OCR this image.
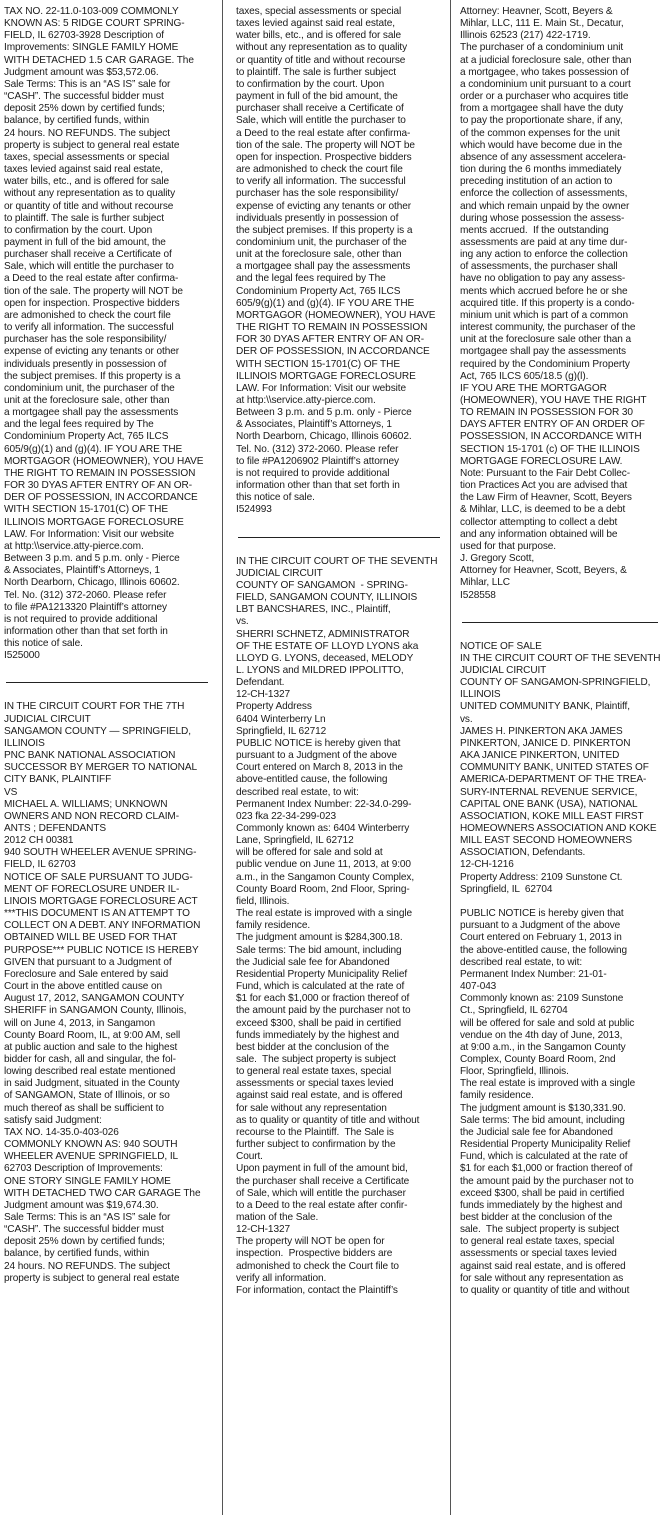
TAX NO. 22-11.0-103-009 COMMONLY
KNOWN AS: 5 RIDGE COURT SPRING-
FIELD, IL 62703-3928 Description of
Improvements: SINGLE FAMILY HOME
WITH DETACHED 1.5 CAR GARAGE. The
Judgment amount was $53,572.06.
Sale Terms: This is an “AS IS” sale for
“CASH”. The successful bidder must
deposit 25% down by certified funds;
balance, by certified funds, within
24 hours. NO REFUNDS. The subject
property is subject to general real estate
taxes, special assessments or special
taxes levied against said real estate,
water bills, etc., and is offered for sale
without any representation as to quality
or quantity of title and without recourse
to plaintiff. The sale is further subject
to confirmation by the court. Upon
payment in full of the bid amount, the
purchaser shall receive a Certificate of
Sale, which will entitle the purchaser to
a Deed to the real estate after confirma-
tion of the sale. The property will NOT be
open for inspection. Prospective bidders
are admonished to check the court file
to verify all information. The successful
purchaser has the sole responsibility/
expense of evicting any tenants or other
individuals presently in possession of
the subject premises. If this property is a
condominium unit, the purchaser of the
unit at the foreclosure sale, other than
a mortgagee shall pay the assessments
and the legal fees required by The
Condominium Property Act, 765 ILCS
605/9(g)(1) and (g)(4). IF YOU ARE THE
MORTGAGOR (HOMEOWNER), YOU HAVE
THE RIGHT TO REMAIN IN POSSESSION
FOR 30 DYAS AFTER ENTRY OF AN OR-
DER OF POSSESSION, IN ACCORDANCE
WITH SECTION 15-1701(C) OF THE
ILLINOIS MORTGAGE FORECLOSURE
LAW. For Information: Visit our website
at http:\\service.atty-pierce.com.
Between 3 p.m. and 5 p.m. only - Pierce
& Associates, Plaintiff’s Attorneys, 1
North Dearborn, Chicago, Illinois 60602.
Tel. No. (312) 372-2060. Please refer
to file #PA1213320 Plaintiff’s attorney
is not required to provide additional
information other than that set forth in
this notice of sale.
I525000

IN THE CIRCUIT COURT FOR THE 7TH
JUDICIAL CIRCUIT
SANGAMON COUNTY — SPRINGFIELD,
ILLINOIS
PNC BANK NATIONAL ASSOCIATION
SUCCESSOR BY MERGER TO NATIONAL
CITY BANK, PLAINTIFF
VS
MICHAEL A. WILLIAMS; UNKNOWN
OWNERS AND NON RECORD CLAIM-
ANTS ; DEFENDANTS
2012 CH 00381
940 SOUTH WHEELER AVENUE SPRING-
FIELD, IL 62703
NOTICE OF SALE PURSUANT TO JUDG-
MENT OF FORECLOSURE UNDER IL-
LINOIS MORTGAGE FORECLOSURE ACT
***THIS DOCUMENT IS AN ATTEMPT TO
COLLECT ON A DEBT. ANY INFORMATION
OBTAINED WILL BE USED FOR THAT
PURPOSE*** PUBLIC NOTICE IS HEREBY
GIVEN that pursuant to a Judgment of
Foreclosure and Sale entered by said
Court in the above entitled cause on
August 17, 2012, SANGAMON COUNTY
SHERIFF in SANGAMON County, Illinois,
will on June 4, 2013, in Sangamon
County Board Room, IL, at 9:00 AM, sell
at public auction and sale to the highest
bidder for cash, all and singular, the fol-
lowing described real estate mentioned
in said Judgment, situated in the County
of SANGAMON, State of Illinois, or so
much thereof as shall be sufficient to
satisfy said Judgment:
TAX NO. 14-35.0-403-026
COMMONLY KNOWN AS: 940 SOUTH
WHEELER AVENUE SPRINGFIELD, IL
62703 Description of Improvements:
ONE STORY SINGLE FAMILY HOME
WITH DETACHED TWO CAR GARAGE The
Judgment amount was $19,674.30.
Sale Terms: This is an “AS IS” sale for
“CASH”. The successful bidder must
deposit 25% down by certified funds;
balance, by certified funds, within
24 hours. NO REFUNDS. The subject
property is subject to general real estate

taxes, special assessments or special
taxes levied against said real estate,
water bills, etc., and is offered for sale
without any representation as to quality
or quantity of title and without recourse
to plaintiff. The sale is further subject
to confirmation by the court. Upon
payment in full of the bid amount, the
purchaser shall receive a Certificate of
Sale, which will entitle the purchaser to
a Deed to the real estate after confirma-
tion of the sale. The property will NOT be
open for inspection. Prospective bidders
are admonished to check the court file
to verify all information. The successful
purchaser has the sole responsibility/
expense of evicting any tenants or other
individuals presently in possession of
the subject premises. If this property is a
condominium unit, the purchaser of the
unit at the foreclosure sale, other than
a mortgagee shall pay the assessments
and the legal fees required by The
Condominium Property Act, 765 ILCS
605/9(g)(1) and (g)(4). IF YOU ARE THE
MORTGAGOR (HOMEOWNER), YOU HAVE
THE RIGHT TO REMAIN IN POSSESSION
FOR 30 DYAS AFTER ENTRY OF AN OR-
DER OF POSSESSION, IN ACCORDANCE
WITH SECTION 15-1701(C) OF THE
ILLINOIS MORTGAGE FORECLOSURE
LAW. For Information: Visit our website
at http:\\service.atty-pierce.com.
Between 3 p.m. and 5 p.m. only - Pierce
& Associates, Plaintiff’s Attorneys, 1
North Dearborn, Chicago, Illinois 60602.
Tel. No. (312) 372-2060. Please refer
to file #PA1206902 Plaintiff’s attorney
is not required to provide additional
information other than that set forth in
this notice of sale.
I524993

IN THE CIRCUIT COURT OF THE SEVENTH
JUDICIAL CIRCUIT
COUNTY OF SANGAMON  - SPRING-
FIELD, SANGAMON COUNTY, ILLINOIS
LBT BANCSHARES, INC., Plaintiff,
vs.
SHERRI SCHNETZ, ADMINISTRATOR
OF THE ESTATE OF LLOYD LYONS aka
LLOYD G. LYONS, deceased, MELODY
L. LYONS and MILDRED IPPOLITTO,
Defendant.
12-CH-1327
Property Address
6404 Winterberry Ln
Springfield, IL 62712
PUBLIC NOTICE is hereby given that
pursuant to a Judgment of the above
Court entered on March 8, 2013 in the
above-entitled cause, the following
described real estate, to wit:
Permanent Index Number: 22-34.0-299-
023 fka 22-34-299-023
Commonly known as: 6404 Winterberry
Lane, Springfield, IL 62712
will be offered for sale and sold at
public vendue on June 11, 2013, at 9:00
a.m., in the Sangamon County Complex,
County Board Room, 2nd Floor, Spring-
field, Illinois.
The real estate is improved with a single
family residence.
The judgment amount is $284,300.18.
Sale terms: The bid amount, including
the Judicial sale fee for Abandoned
Residential Property Municipality Relief
Fund, which is calculated at the rate of
$1 for each $1,000 or fraction thereof of
the amount paid by the purchaser not to
exceed $300, shall be paid in certified
funds immediately by the highest and
best bidder at the conclusion of the
sale.  The subject property is subject
to general real estate taxes, special
assessments or special taxes levied
against said real estate, and is offered
for sale without any representation
as to quality or quantity of title and without
recourse to the Plaintiff.  The Sale is
further subject to confirmation by the
Court.
Upon payment in full of the amount bid,
the purchaser shall receive a Certificate
of Sale, which will entitle the purchaser
to a Deed to the real estate after confir-
mation of the Sale.
12-CH-1327
The property will NOT be open for
inspection.  Prospective bidders are
admonished to check the Court file to
verify all information.
For information, contact the Plaintiff’s

Attorney: Heavner, Scott, Beyers &
Mihlar, LLC, 111 E. Main St., Decatur,
Illinois 62523 (217) 422-1719.
The purchaser of a condominium unit
at a judicial foreclosure sale, other than
a mortgagee, who takes possession of
a condominium unit pursuant to a court
order or a purchaser who acquires title
from a mortgagee shall have the duty
to pay the proportionate share, if any,
of the common expenses for the unit
which would have become due in the
absence of any assessment accelera-
tion during the 6 months immediately
preceding institution of an action to
enforce the collection of assessments,
and which remain unpaid by the owner
during whose possession the assess-
ments accrued.  If the outstanding
assessments are paid at any time dur-
ing any action to enforce the collection
of assessments, the purchaser shall
have no obligation to pay any assess-
ments which accrued before he or she
acquired title. If this property is a condo-
minium unit which is part of a common
interest community, the purchaser of the
unit at the foreclosure sale other than a
mortgagee shall pay the assessments
required by the Condominium Property
Act, 765 ILCS 605/18.5 (g)(l).
IF YOU ARE THE MORTGAGOR
(HOMEOWNER), YOU HAVE THE RIGHT
TO REMAIN IN POSSESSION FOR 30
DAYS AFTER ENTRY OF AN ORDER OF
POSSESSION, IN ACCORDANCE WITH
SECTION 15-1701 (c) OF THE ILLINOIS
MORTGAGE FORECLOSURE LAW.
Note: Pursuant to the Fair Debt Collec-
tion Practices Act you are advised that
the Law Firm of Heavner, Scott, Beyers
& Mihlar, LLC, is deemed to be a debt
collector attempting to collect a debt
and any information obtained will be
used for that purpose.
J. Gregory Scott,
Attorney for Heavner, Scott, Beyers, &
Mihlar, LLC
I528558

NOTICE OF SALE
IN THE CIRCUIT COURT OF THE SEVENTH
JUDICIAL CIRCUIT
COUNTY OF SANGAMON-SPRINGFIELD,
ILLINOIS
UNITED COMMUNITY BANK, Plaintiff,
vs.
JAMES H. PINKERTON AKA JAMES
PINKERTON, JANICE D. PINKERTON
AKA JANICE PINKERTON, UNITED
COMMUNITY BANK, UNITED STATES OF
AMERICA-DEPARTMENT OF THE TREA-
SURY-INTERNAL REVENUE SERVICE,
CAPITAL ONE BANK (USA), NATIONAL
ASSOCIATION, KOKE MILL EAST FIRST
HOMEOWNERS ASSOCIATION AND KOKE
MILL EAST SECOND HOMEOWNERS
ASSOCIATION, Defendants.
12-CH-1216
Property Address: 2109 Sunstone Ct.
Springfield, IL  62704

PUBLIC NOTICE is hereby given that
pursuant to a Judgment of the above
Court entered on February 1, 2013 in
the above-entitled cause, the following
described real estate, to wit:
Permanent Index Number: 21-01-
407-043
Commonly known as: 2109 Sunstone
Ct., Springfield, IL 62704
will be offered for sale and sold at public
vendue on the 4th day of June, 2013,
at 9:00 a.m., in the Sangamon County
Complex, County Board Room, 2nd
Floor, Springfield, Illinois.
The real estate is improved with a single
family residence.
The judgment amount is $130,331.90.
Sale terms: The bid amount, including
the Judicial sale fee for Abandoned
Residential Property Municipality Relief
Fund, which is calculated at the rate of
$1 for each $1,000 or fraction thereof of
the amount paid by the purchaser not to
exceed $300, shall be paid in certified
funds immediately by the highest and
best bidder at the conclusion of the
sale.  The subject property is subject
to general real estate taxes, special
assessments or special taxes levied
against said real estate, and is offered
for sale without any representation as
to quality or quantity of title and without
